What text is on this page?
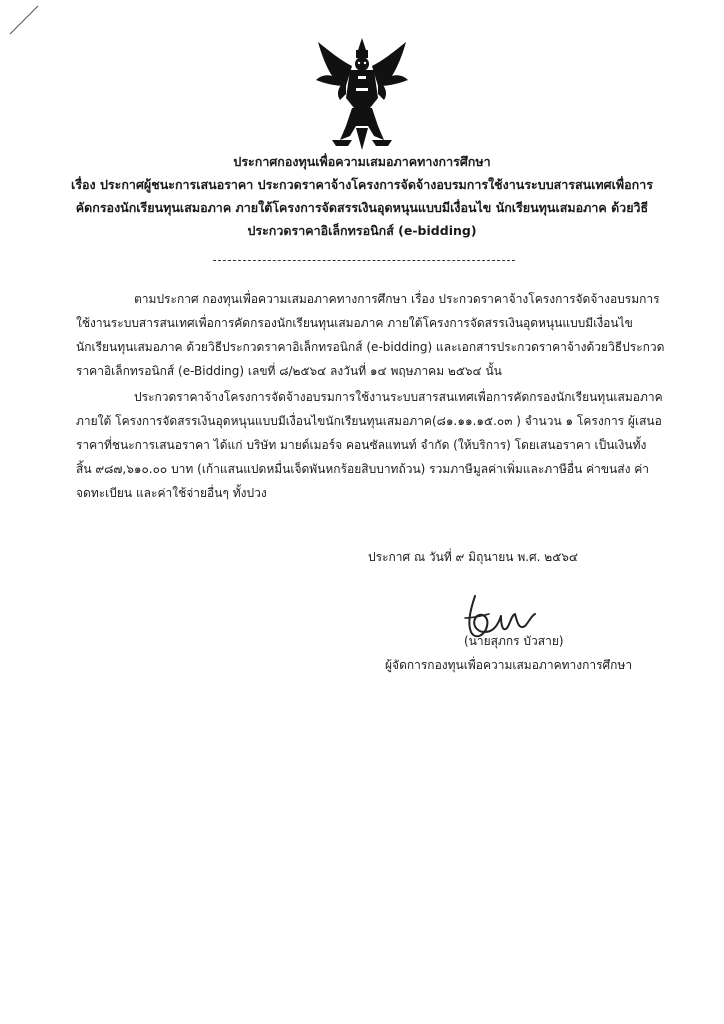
ประกาศกองทุนเพื่อความเสมอภาคทางการศึกษา
เรื่อง ประกาศผู้ชนะการเสนอราคา ประกวดราคาจ้างโครงการจัดจ้างอบรมการใช้งานระบบสารสนเทศเพื่อการ
คัดกรองนักเรียนทุนเสมอภาค ภายใต้โครงการจัดสรรเงินอุดหนุนแบบมีเงื่อนไข นักเรียนทุนเสมอภาค ด้วยวิธี
ประกวดราคาอิเล็กทรอนิกส์ (e-bidding)
ตามประกาศ กองทุนเพื่อความเสมอภาคทางการศึกษา เรื่อง ประกวดราคาจ้างโครงการจัดจ้างอบรมการ
ใช้งานระบบสารสนเทศเพื่อการคัดกรองนักเรียนทุนเสมอภาค ภายใต้โครงการจัดสรรเงินอุดหนุนแบบมีเงื่อนไข
นักเรียนทุนเสมอภาค ด้วยวิธีประกวดราคาอิเล็กทรอนิกส์ (e-bidding) และเอกสารประกวดราคาจ้างด้วยวิธีประกวด
ราคาอิเล็กทรอนิกส์ (e-Bidding) เลขที่ ๘/๒๕๖๔ ลงวันที่ ๑๔ พฤษภาคม ๒๕๖๔ นั้น
ประกวดราคาจ้างโครงการจัดจ้างอบรมการใช้งานระบบสารสนเทศเพื่อการคัดกรองนักเรียนทุนเสมอภาค
ภายใต้ โครงการจัดสรรเงินอุดหนุนแบบมีเงื่อนไขนักเรียนทุนเสมอภาค(๘๑.๑๑.๑๕.๐๓ ) จำนวน ๑ โครงการ ผู้เสนอ
ราคาที่ชนะการเสนอราคา ได้แก่ บริษัท มายด์เมอร์จ คอนซัลแทนท์ จำกัด (ให้บริการ) โดยเสนอราคา เป็นเงินทั้ง
สิ้น ๙๘๗,๖๑๐.๐๐ บาท (เก้าแสนแปดหมื่นเจ็ดพันหกร้อยสิบบาทถ้วน) รวมภาษีมูลค่าเพิ่มและภาษีอื่น ค่าขนส่ง ค่า
จดทะเบียน และค่าใช้จ่ายอื่นๆ ทั้งปวง
ประกาศ ณ วันที่ ๙ มิถุนายน พ.ศ. ๒๕๖๔
(นายสุภกร บัวสาย)
ผู้จัดการกองทุนเพื่อความเสมอภาคทางการศึกษา
